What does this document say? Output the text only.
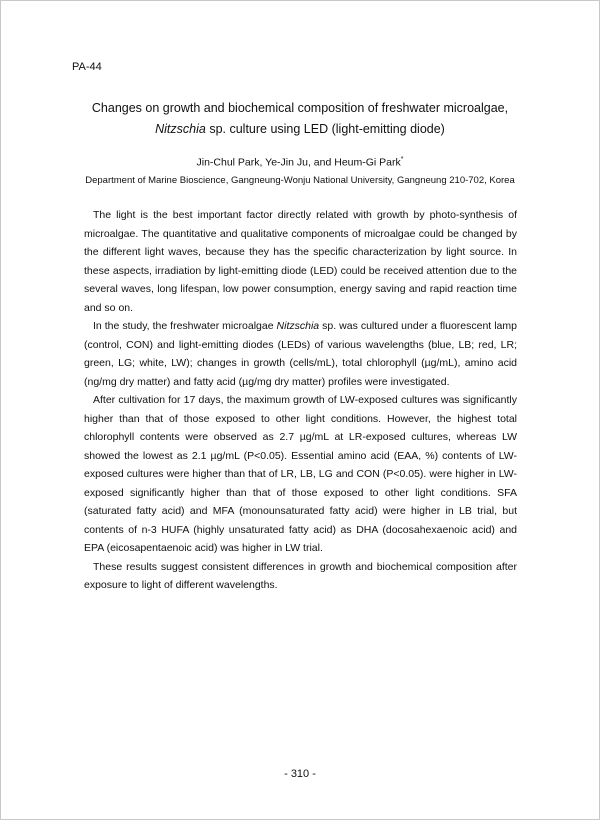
PA-44
Changes on growth and biochemical composition of freshwater microalgae,
Nitzschia sp. culture using LED (light-emitting diode)
Jin-Chul Park, Ye-Jin Ju, and Heum-Gi Park*
Department of Marine Bioscience, Gangneung-Wonju National University, Gangneung 210-702, Korea

The light is the best important factor directly related with growth by photo-synthesis of microalgae. The quantitative and qualitative components of microalgae could be changed by the different light waves, because they has the specific characterization by light source. In these aspects, irradiation by light-emitting diode (LED) could be received attention due to the several waves, long lifespan, low power consumption, energy saving and rapid reaction time and so on.

In the study, the freshwater microalgae Nitzschia sp. was cultured under a fluorescent lamp (control, CON) and light-emitting diodes (LEDs) of various wavelengths (blue, LB; red, LR; green, LG; white, LW); changes in growth (cells/mL), total chlorophyll (µg/mL), amino acid (ng/mg dry matter) and fatty acid (µg/mg dry matter) profiles were investigated.

After cultivation for 17 days, the maximum growth of LW-exposed cultures was significantly higher than that of those exposed to other light conditions. However, the highest total chlorophyll contents were observed as 2.7 µg/mL at LR-exposed cultures, whereas LW showed the lowest as 2.1 µg/mL (P<0.05). Essential amino acid (EAA, %) contents of LW-exposed cultures were higher than that of LR, LB, LG and CON (P<0.05). were higher in LW-exposed significantly higher than that of those exposed to other light conditions. SFA (saturated fatty acid) and MFA (monounsaturated fatty acid) were higher in LB trial, but contents of n-3 HUFA (highly unsaturated fatty acid) as DHA (docosahexaenoic acid) and EPA (eicosapentaenoic acid) was higher in LW trial.

These results suggest consistent differences in growth and biochemical composition after exposure to light of different wavelengths.

- 310 -
